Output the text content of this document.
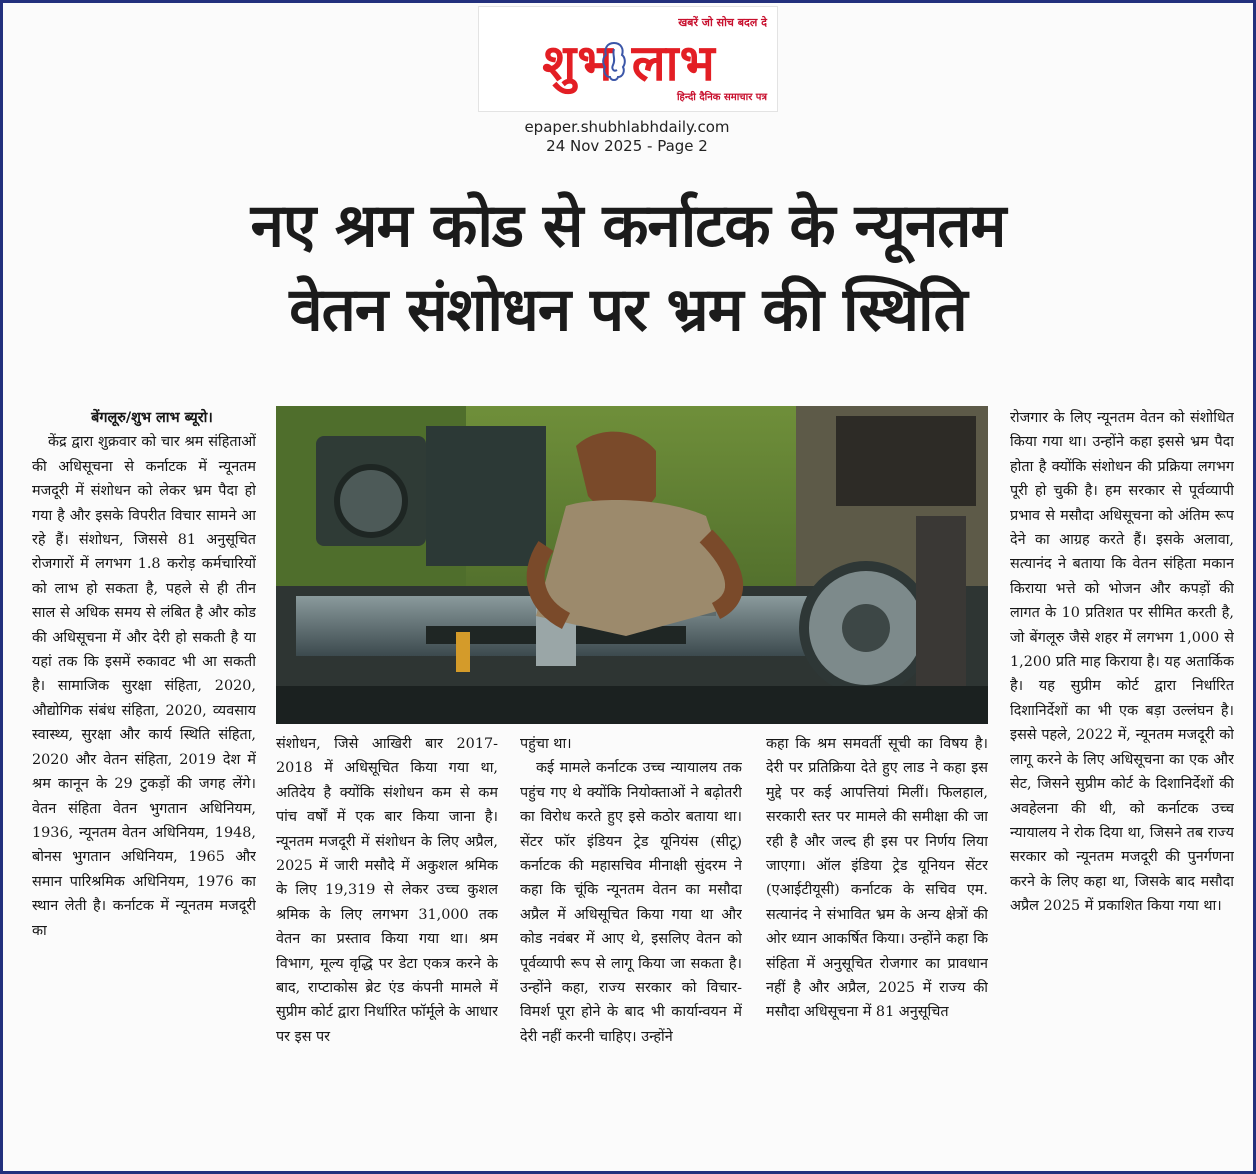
खबरें जो सोच बदल दे
शुभ लाभ
हिन्दी दैनिक समाचार पत्र
epaper.shubhlabhdaily.com
24 Nov 2025 - Page 2
नए श्रम कोड से कर्नाटक के न्यूनतम
वेतन संशोधन पर भ्रम की स्थिति

बेंगलूरु/शुभ लाभ ब्यूरो।

केंद्र द्वारा शुक्रवार को चार श्रम संहिताओं की अधिसूचना से कर्नाटक में न्यूनतम मजदूरी में संशोधन को लेकर भ्रम पैदा हो गया है और इसके विपरीत विचार सामने आ रहे हैं। संशोधन, जिससे 81 अनुसूचित रोजगारों में लगभग 1.8 करोड़ कर्मचारियों को लाभ हो सकता है, पहले से ही तीन साल से अधिक समय से लंबित है और कोड की अधिसूचना में और देरी हो सकती है या यहां तक कि इसमें रुकावट भी आ सकती है। सामाजिक सुरक्षा संहिता, 2020, औद्योगिक संबंध संहिता, 2020, व्यवसाय स्वास्थ्य, सुरक्षा और कार्य स्थिति संहिता, 2020 और वेतन संहिता, 2019 देश में श्रम कानून के 29 टुकड़ों की जगह लेंगे। वेतन संहिता वेतन भुगतान अधिनियम, 1936, न्यूनतम वेतन अधिनियम, 1948, बोनस भुगतान अधिनियम, 1965 और समान पारिश्रमिक अधिनियम, 1976 का स्थान लेती है। कर्नाटक में न्यूनतम मजदूरी का

संशोधन, जिसे आखिरी बार 2017-2018 में अधिसूचित किया गया था, अतिदेय है क्योंकि संशोधन कम से कम पांच वर्षों में एक बार किया जाना है। न्यूनतम मजदूरी में संशोधन के लिए अप्रैल, 2025 में जारी मसौदे में अकुशल श्रमिक के लिए 19,319 से लेकर उच्च कुशल श्रमिक के लिए लगभग 31,000 तक वेतन का प्रस्ताव किया गया था। श्रम विभाग, मूल्य वृद्धि पर डेटा एकत्र करने के बाद, राप्टाकोस ब्रेट एंड कंपनी मामले में सुप्रीम कोर्ट द्वारा निर्धारित फॉर्मूले के आधार पर इस पर

पहुंचा था।

कई मामले कर्नाटक उच्च न्यायालय तक पहुंच गए थे क्योंकि नियोक्ताओं ने बढ़ोतरी का विरोध करते हुए इसे कठोर बताया था। सेंटर फॉर इंडियन ट्रेड यूनियंस (सीटू) कर्नाटक की महासचिव मीनाक्षी सुंदरम ने कहा कि चूंकि न्यूनतम वेतन का मसौदा अप्रैल में अधिसूचित किया गया था और कोड नवंबर में आए थे, इसलिए वेतन को पूर्वव्यापी रूप से लागू किया जा सकता है। उन्होंने कहा, राज्य सरकार को विचार-विमर्श पूरा होने के बाद भी कार्यान्वयन में देरी नहीं करनी चाहिए। उन्होंने

कहा कि श्रम समवर्ती सूची का विषय है। देरी पर प्रतिक्रिया देते हुए लाड ने कहा इस मुद्दे पर कई आपत्तियां मिलीं। फिलहाल, सरकारी स्तर पर मामले की समीक्षा की जा रही है और जल्द ही इस पर निर्णय लिया जाएगा। ऑल इंडिया ट्रेड यूनियन सेंटर (एआईटीयूसी) कर्नाटक के सचिव एम. सत्यानंद ने संभावित भ्रम के अन्य क्षेत्रों की ओर ध्यान आकर्षित किया। उन्होंने कहा कि संहिता में अनुसूचित रोजगार का प्रावधान नहीं है और अप्रैल, 2025 में राज्य की मसौदा अधिसूचना में 81 अनुसूचित

रोजगार के लिए न्यूनतम वेतन को संशोधित किया गया था। उन्होंने कहा इससे भ्रम पैदा होता है क्योंकि संशोधन की प्रक्रिया लगभग पूरी हो चुकी है। हम सरकार से पूर्वव्यापी प्रभाव से मसौदा अधिसूचना को अंतिम रूप देने का आग्रह करते हैं। इसके अलावा, सत्यानंद ने बताया कि वेतन संहिता मकान किराया भत्ते को भोजन और कपड़ों की लागत के 10 प्रतिशत पर सीमित करती है, जो बेंगलूरु जैसे शहर में लगभग 1,000 से 1,200 प्रति माह किराया है। यह अतार्किक है। यह सुप्रीम कोर्ट द्वारा निर्धारित दिशानिर्देशों का भी एक बड़ा उल्लंघन है। इससे पहले, 2022 में, न्यूनतम मजदूरी को लागू करने के लिए अधिसूचना का एक और सेट, जिसने सुप्रीम कोर्ट के दिशानिर्देशों की अवहेलना की थी, को कर्नाटक उच्च न्यायालय ने रोक दिया था, जिसने तब राज्य सरकार को न्यूनतम मजदूरी की पुनर्गणना करने के लिए कहा था, जिसके बाद मसौदा अप्रैल 2025 में प्रकाशित किया गया था।
